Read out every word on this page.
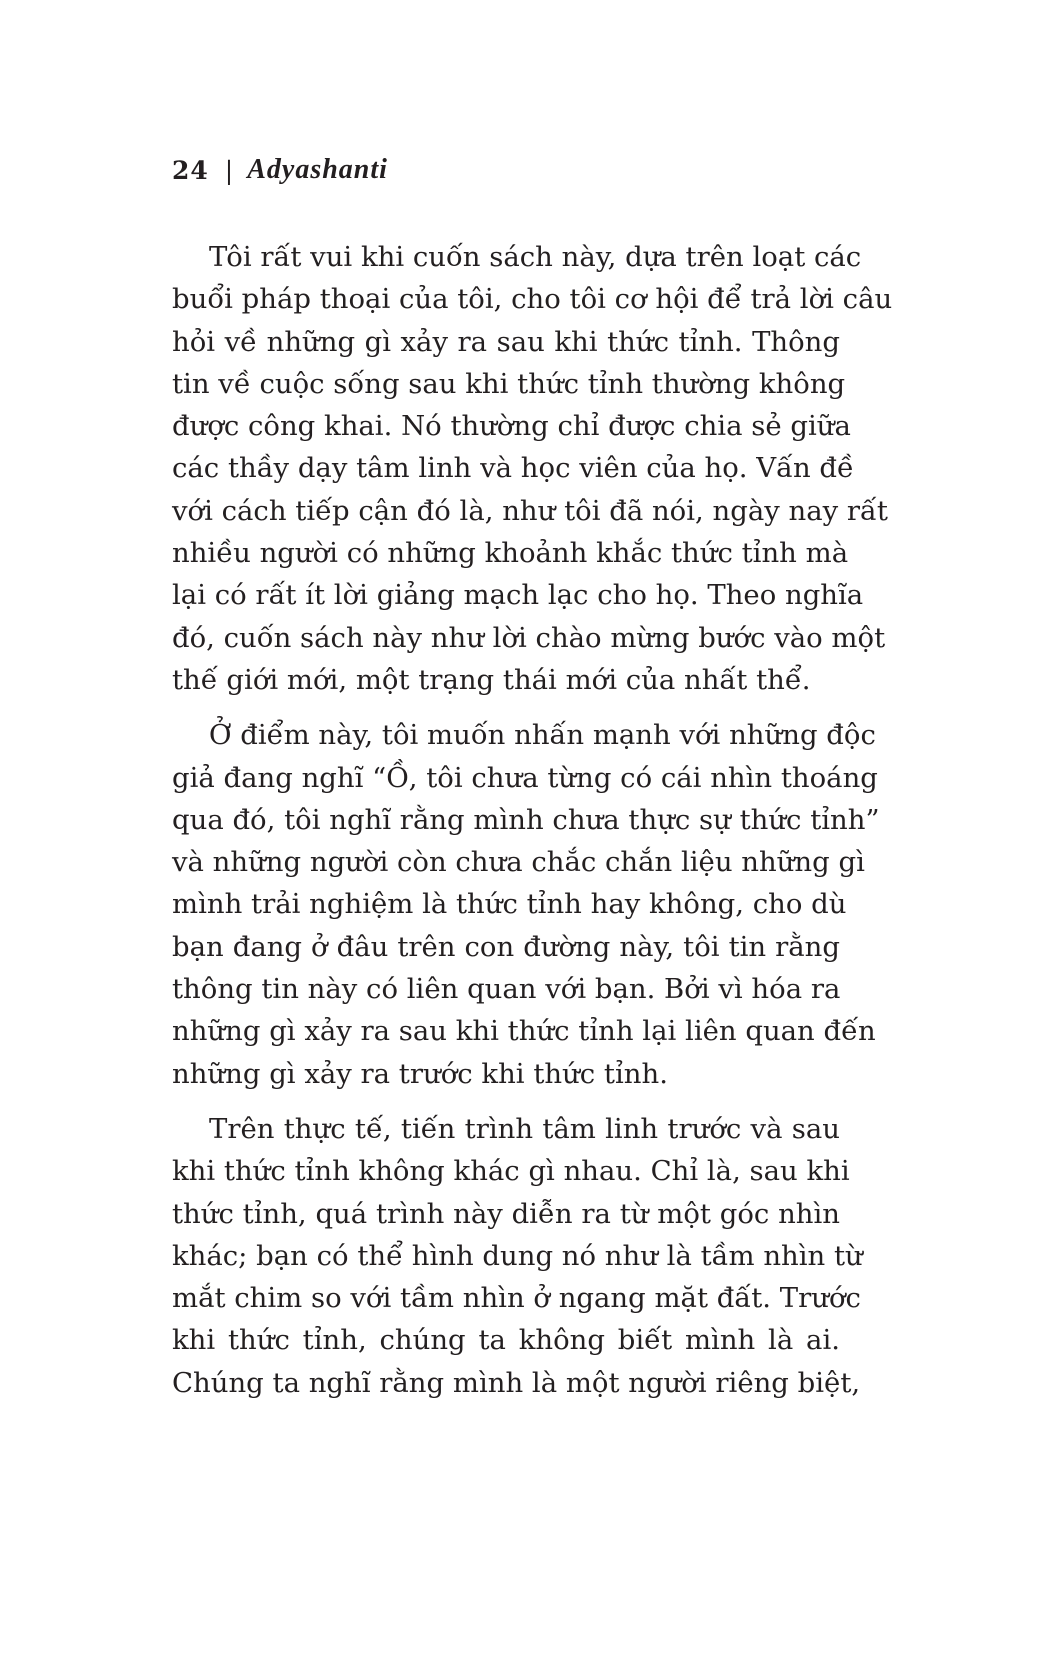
24 | Adyashanti
Tôi rất vui khi cuốn sách này, dựa trên loạt các
buổi pháp thoại của tôi, cho tôi cơ hội để trả lời câu
hỏi về những gì xảy ra sau khi thức tỉnh. Thông
tin về cuộc sống sau khi thức tỉnh thường không
được công khai. Nó thường chỉ được chia sẻ giữa
các thầy dạy tâm linh và học viên của họ. Vấn đề
với cách tiếp cận đó là, như tôi đã nói, ngày nay rất
nhiều người có những khoảnh khắc thức tỉnh mà
lại có rất ít lời giảng mạch lạc cho họ. Theo nghĩa
đó, cuốn sách này như lời chào mừng bước vào một
thế giới mới, một trạng thái mới của nhất thể.
Ở điểm này, tôi muốn nhấn mạnh với những độc
giả đang nghĩ “Ồ, tôi chưa từng có cái nhìn thoáng
qua đó, tôi nghĩ rằng mình chưa thực sự thức tỉnh”
và những người còn chưa chắc chắn liệu những gì
mình trải nghiệm là thức tỉnh hay không, cho dù
bạn đang ở đâu trên con đường này, tôi tin rằng
thông tin này có liên quan với bạn. Bởi vì hóa ra
những gì xảy ra sau khi thức tỉnh lại liên quan đến
những gì xảy ra trước khi thức tỉnh.
Trên thực tế, tiến trình tâm linh trước và sau
khi thức tỉnh không khác gì nhau. Chỉ là, sau khi
thức tỉnh, quá trình này diễn ra từ một góc nhìn
khác; bạn có thể hình dung nó như là tầm nhìn từ
mắt chim so với tầm nhìn ở ngang mặt đất. Trước
khi thức tỉnh, chúng ta không biết mình là ai.
Chúng ta nghĩ rằng mình là một người riêng biệt,
